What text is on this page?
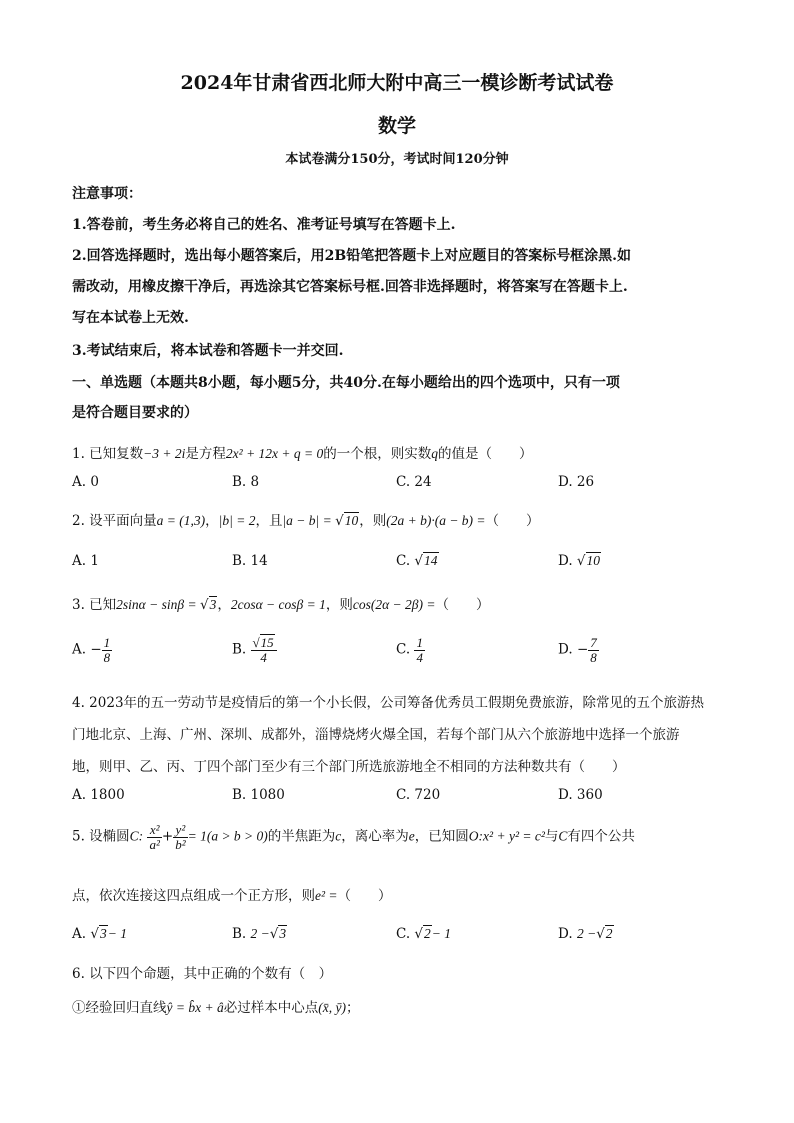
2024年甘肃省西北师大附中高三一模诊断考试试卷
数学
本试卷满分150分，考试时间120分钟
注意事项：
1.答卷前，考生务必将自己的姓名、准考证号填写在答题卡上.
2.回答选择题时，选出每小题答案后，用2B铅笔把答题卡上对应题目的答案标号框涂黑.如
需改动，用橡皮擦干净后，再选涂其它答案标号框.回答非选择题时，将答案写在答题卡上.
写在本试卷上无效.
3.考试结束后，将本试卷和答题卡一并交回.
一、单选题（本题共8小题，每小题5分，共40分.在每小题给出的四个选项中，只有一项
是符合题目要求的）
1. 已知复数−3 + 2i是方程2x² + 12x + q = 0的一个根，则实数q的值是（　　）
A. 0	B. 8	C. 24	D. 26
2. 设平面向量a = (1,3)，|b| = 2，且|a − b| = √10，则(2a + b)·(a − b) =（　　）
A. 1	B. 14	C. √14	D. √10
3. 已知2sinα − sinβ = √3，2cosα − cosβ = 1，则cos(2α − 2β) =（　　）
A. − $\frac{1}{8}$	B. $\frac{√15}{4}$	C. $\frac{1}{4}$	D. − $\frac{7}{8}$
4. 2023年的五一劳动节是疫情后的第一个小长假，公司筹备优秀员工假期免费旅游，除常见的五个旅游热
门地北京、上海、广州、深圳、成都外，淄博烧烤火爆全国，若每个部门从六个旅游地中选择一个旅游
地，则甲、乙、丙、丁四个部门至少有三个部门所选旅游地全不相同的方法种数共有（　　）
A. 1800	B. 1080	C. 720	D. 360
5. 设椭圆C: $\frac{\text{x²}}{\text{a²}} + \frac{\text{y²}}{\text{b²}} = 1(a > b > 0)$的半焦距为c，离心率为e，已知圆O:x² + y² = c²与C有四个公共
点，依次连接这四点组成一个正方形，则e² =（　　）
A. √3− 1	B. 2 −√3	C. √2− 1	D. 2 −√2
6. 以下四个命题，其中正确的个数有（　）
①经验回归直线ŷ = b̂x + â必过样本中心点(x̄, ȳ)；
